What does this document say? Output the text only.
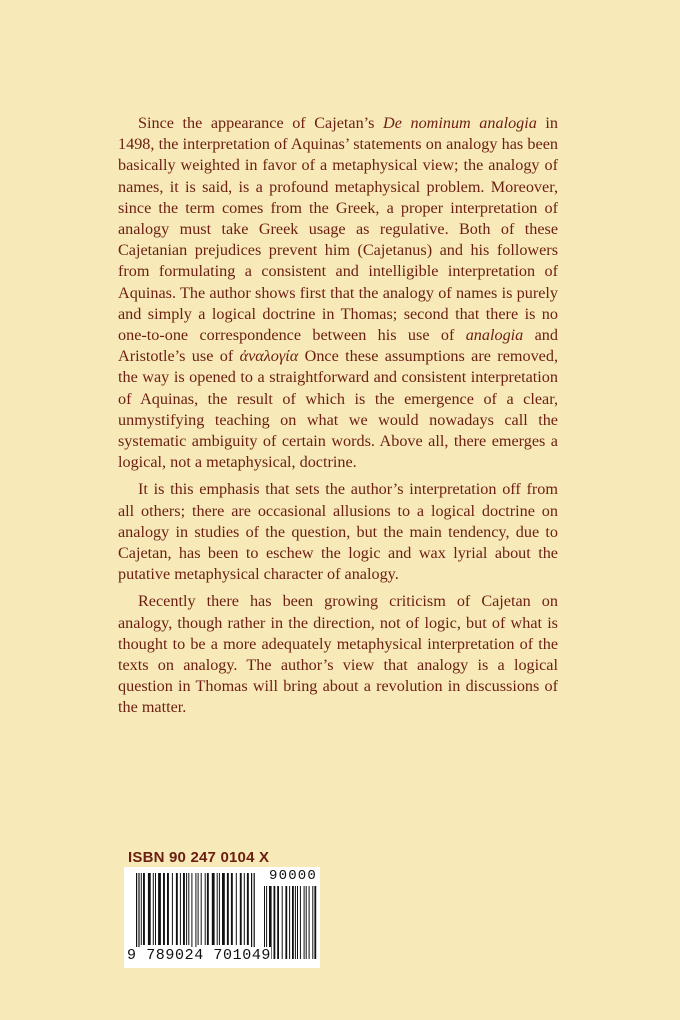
Since the appearance of Cajetan’s De nominum analogia in 1498, the interpretation of Aquinas’ statements on analogy has been basically weighted in favor of a metaphysical view; the analogy of names, it is said, is a profound metaphysical problem. Moreover, since the term comes from the Greek, a proper interpretation of analogy must take Greek usage as regulative. Both of these Cajetanian prejudices prevent him (Cajetanus) and his followers from formulating a consistent and intelligible interpretation of Aquinas. The author shows first that the analogy of names is purely and simply a logical doctrine in Thomas; second that there is no one-to-one correspondence between his use of analogia and Aristotle’s use of ἀναλογία Once these assumptions are removed, the way is opened to a straightforward and consistent interpretation of Aquinas, the result of which is the emergence of a clear, unmystifying teaching on what we would nowadays call the systematic ambiguity of certain words. Above all, there emerges a logical, not a metaphysical, doctrine.

It is this emphasis that sets the author’s interpretation off from all others; there are occasional allusions to a logical doctrine on analogy in studies of the question, but the main tendency, due to Cajetan, has been to eschew the logic and wax lyrial about the putative metaphysical character of analogy.

Recently there has been growing criticism of Cajetan on analogy, though rather in the direction, not of logic, but of what is thought to be a more adequately metaphysical interpretation of the texts on analogy. The author’s view that analogy is a logical question in Thomas will bring about a revolution in discussions of the matter.

ISBN 90 247 0104 X
9 789024 701049
90000
